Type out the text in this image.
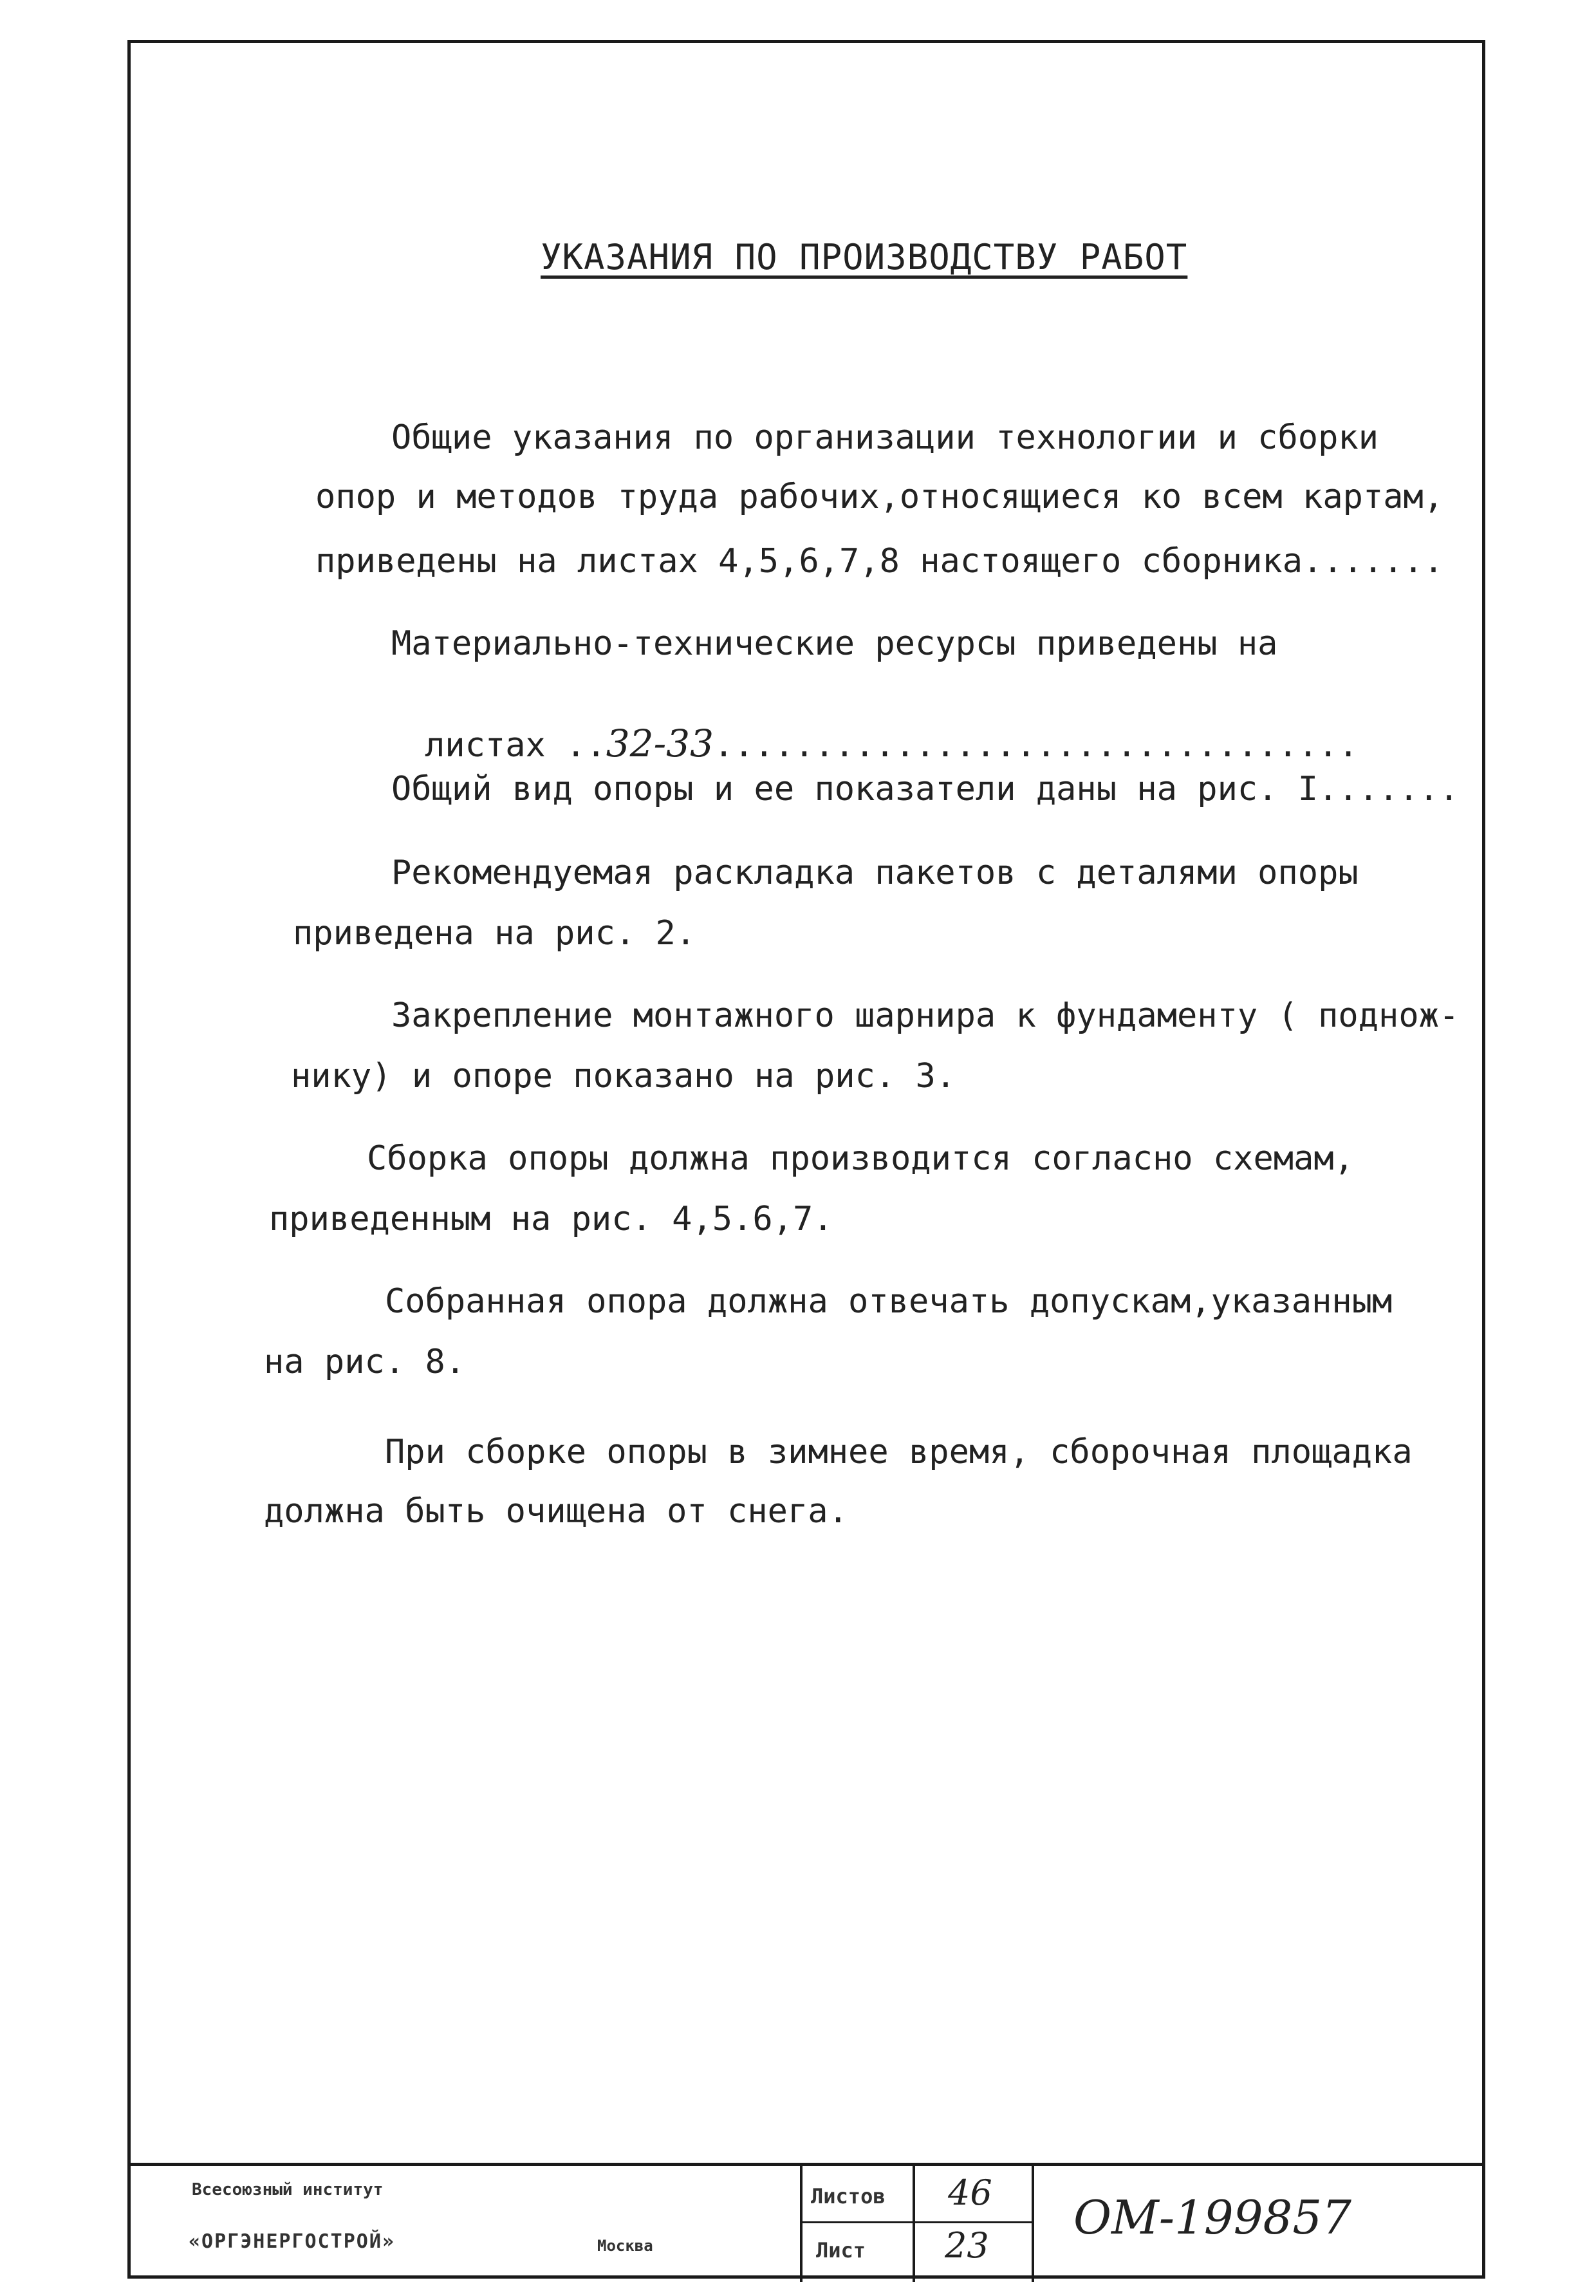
УКАЗАНИЯ ПО ПРОИЗВОДСТВУ РАБОТ
Общие указания по организации технологии и сборки
опор и методов труда рабочих,относящиеся ко всем картам,
приведены на листах 4,5,6,7,8 настоящего сборника.......
Материально-технические ресурсы приведены на

листах ..32-33................................

Общий вид опоры и ее показатели даны на рис. I.......
Рекомендуемая раскладка пакетов с деталями опоры
приведена на рис. 2.
Закрепление монтажного шарнира к фундаменту ( поднож-
нику) и опоре показано на рис. 3.
Сборка опоры должна производится согласно схемам,
приведенным на рис. 4,5.6,7.
Собранная опора должна отвечать допускам,указанным
на рис. 8.
При сборке опоры в зимнее время, сборочная площадка
должна быть очищена от снега.
Всесоюзный институт
«ОРГЭНЕРГОСТРОЙ»	Москва
Листов 46
Лист 23
ОМ-199857
